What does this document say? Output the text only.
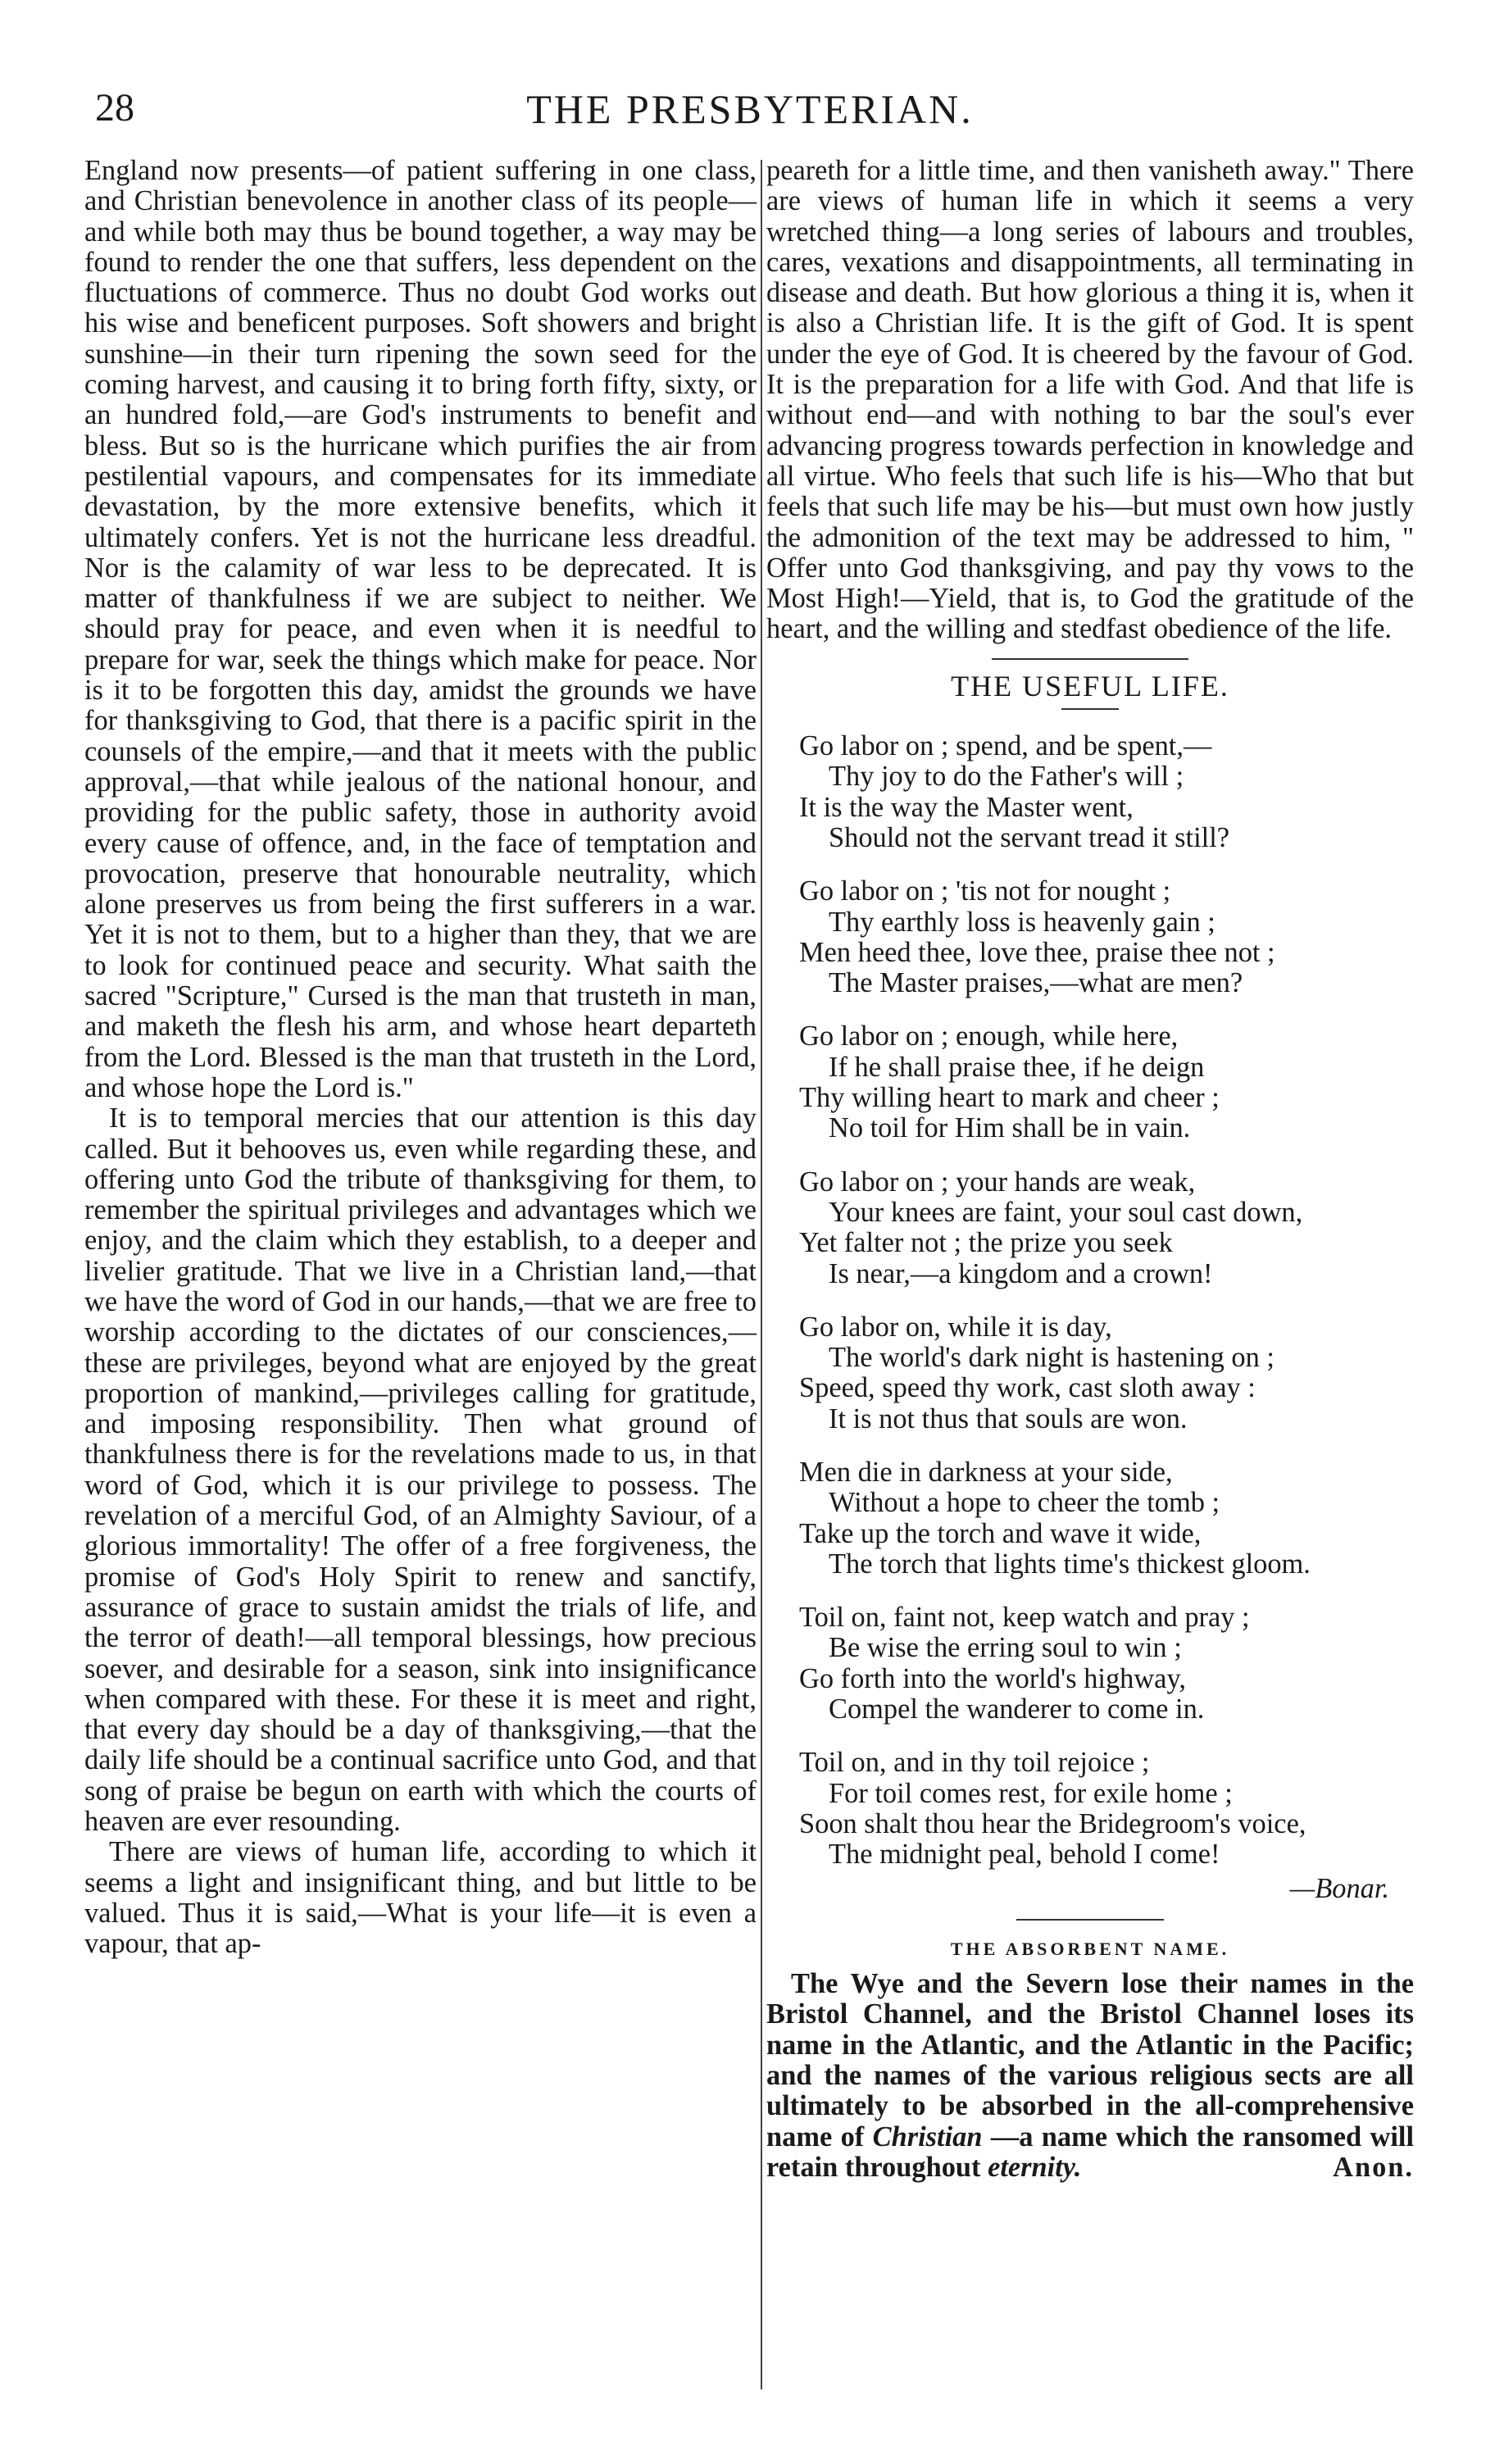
28	THE PRESBYTERIAN.

England now presents—of patient suffering in one class, and Christian benevolence in another class of its people—and while both may thus be bound together, a way may be found to render the one that suffers, less dependent on the fluctuations of commerce. Thus no doubt God works out his wise and beneficent purposes. Soft showers and bright sunshine—in their turn ripening the sown seed for the coming harvest, and causing it to bring forth fifty, sixty, or an hundred fold,—are God's instruments to benefit and bless. But so is the hurricane which purifies the air from pestilential vapours, and compensates for its immediate devastation, by the more extensive benefits, which it ultimately confers. Yet is not the hurricane less dreadful. Nor is the calamity of war less to be deprecated. It is matter of thankfulness if we are subject to neither. We should pray for peace, and even when it is needful to prepare for war, seek the things which make for peace. Nor is it to be forgotten this day, amidst the grounds we have for thanksgiving to God, that there is a pacific spirit in the counsels of the empire,—and that it meets with the public approval,—that while jealous of the national honour, and providing for the public safety, those in authority avoid every cause of offence, and, in the face of temptation and provocation, preserve that honourable neutrality, which alone preserves us from being the first sufferers in a war. Yet it is not to them, but to a higher than they, that we are to look for continued peace and security. What saith the sacred "Scripture," Cursed is the man that trusteth in man, and maketh the flesh his arm, and whose heart departeth from the Lord. Blessed is the man that trusteth in the Lord, and whose hope the Lord is."

It is to temporal mercies that our attention is this day called. But it behooves us, even while regarding these, and offering unto God the tribute of thanksgiving for them, to remember the spiritual privileges and advantages which we enjoy, and the claim which they establish, to a deeper and livelier gratitude. That we live in a Christian land,—that we have the word of God in our hands,—that we are free to worship according to the dictates of our consciences,—these are privileges, beyond what are enjoyed by the great proportion of mankind,—privileges calling for gratitude, and imposing responsibility. Then what ground of thankfulness there is for the revelations made to us, in that word of God, which it is our privilege to possess. The revelation of a merciful God, of an Almighty Saviour, of a glorious immortality! The offer of a free forgiveness, the promise of God's Holy Spirit to renew and sanctify, assurance of grace to sustain amidst the trials of life, and the terror of death!—all temporal blessings, how precious soever, and desirable for a season, sink into insignificance when compared with these. For these it is meet and right, that every day should be a day of thanksgiving,—that the daily life should be a continual sacrifice unto God, and that song of praise be begun on earth with which the courts of heaven are ever resounding.

There are views of human life, according to which it seems a light and insignificant thing, and but little to be valued. Thus it is said,—What is your life—it is even a vapour, that ap-

peareth for a little time, and then vanisheth away." There are views of human life in which it seems a very wretched thing—a long series of labours and troubles, cares, vexations and disappointments, all terminating in disease and death. But how glorious a thing it is, when it is also a Christian life. It is the gift of God. It is spent under the eye of God. It is cheered by the favour of God. It is the preparation for a life with God. And that life is without end—and with nothing to bar the soul's ever advancing progress towards perfection in knowledge and all virtue. Who feels that such life is his—Who that but feels that such life may be his—but must own how justly the admonition of the text may be addressed to him, " Offer unto God thanksgiving, and pay thy vows to the Most High!—Yield, that is, to God the gratitude of the heart, and the willing and stedfast obedience of the life.

THE USEFUL LIFE.
Go labor on ; spend, and be spent,—
Thy joy to do the Father's will ;
It is the way the Master went,
Should not the servant tread it still?
Go labor on ; 'tis not for nought ;
Thy earthly loss is heavenly gain ;
Men heed thee, love thee, praise thee not ;
The Master praises,—what are men?
Go labor on ; enough, while here,
If he shall praise thee, if he deign
Thy willing heart to mark and cheer ;
No toil for Him shall be in vain.
Go labor on ; your hands are weak,
Your knees are faint, your soul cast down,
Yet falter not ; the prize you seek
Is near,—a kingdom and a crown!
Go labor on, while it is day,
The world's dark night is hastening on ;
Speed, speed thy work, cast sloth away :
It is not thus that souls are won.
Men die in darkness at your side,
Without a hope to cheer the tomb ;
Take up the torch and wave it wide,
The torch that lights time's thickest gloom.
Toil on, faint not, keep watch and pray ;
Be wise the erring soul to win ;
Go forth into the world's highway,
Compel the wanderer to come in.
Toil on, and in thy toil rejoice ;
For toil comes rest, for exile home ;
Soon shalt thou hear the Bridegroom's voice,
The midnight peal, behold I come!
—Bonar.
THE ABSORBENT NAME.

The Wye and the Severn lose their names in the Bristol Channel, and the Bristol Channel loses its name in the Atlantic, and the Atlantic in the Pacific; and the names of the various religious sects are all ultimately to be absorbed in the all-comprehensive name of Christian —a name which the ransomed will retain throughout eternity.	Anon.
